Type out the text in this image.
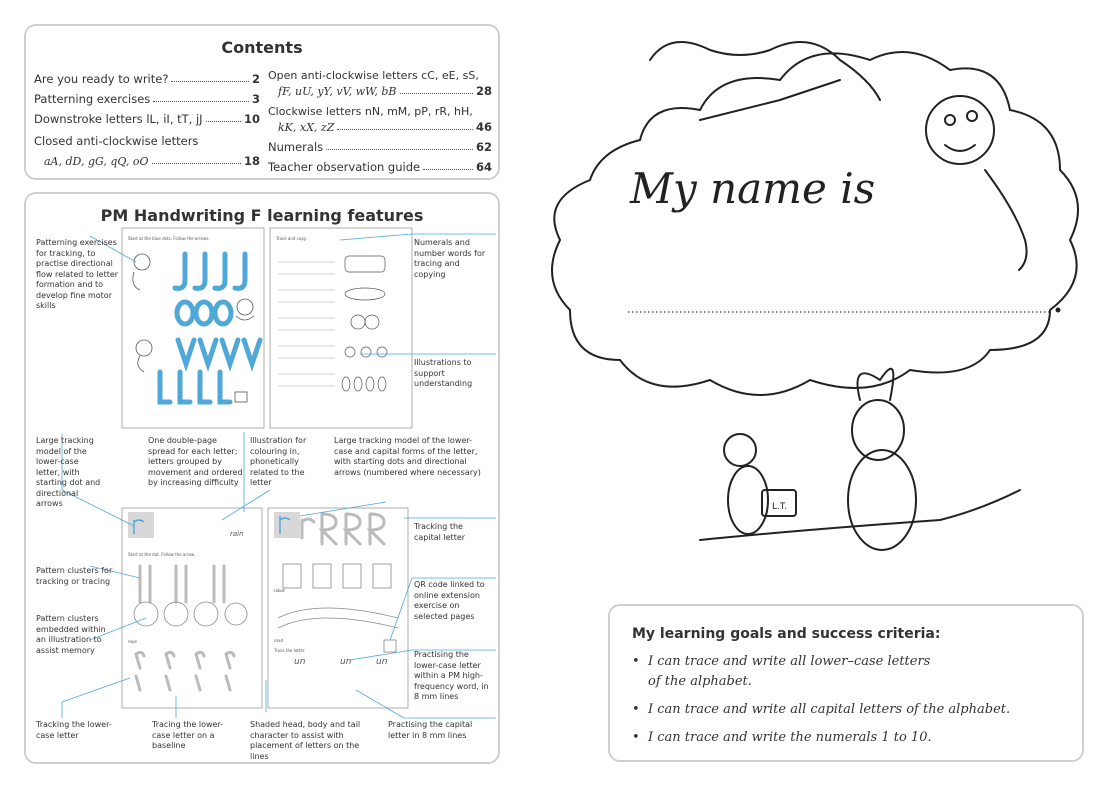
Contents
Are you ready to write?	2
Patterning exercises	3
Downstroke letters lL, iI, tT, jJ	10
Closed anti-clockwise letters
aA, dD, gG, qQ, oO	18
Open anti-clockwise letters cC, eE, sS,
fF, uU, yY, vV, wW, bB	28
Clockwise letters nN, mM, pP, rR, hH,
kK, xX, zZ	46
Numerals	62
Teacher observation guide	64
PM Handwriting F learning features
Start at the blue dots. Follow the arrows.	Trace and copy.
rain
Start at the dot. Follow the arrow.
rope
robot
road
Trace the letter.
un	un	un
Patterning exercises for tracking, to practise directional flow related to letter formation and to develop fine motor skills
Numerals and number words for tracing and copying
Illustrations to support understanding
Large tracking model of the lower-case letter, with starting dot and directional arrows
One double-page spread for each letter; letters grouped by movement and ordered by increasing difficulty
Illustration for colouring in, phonetically related to the letter
Large tracking model of the lower-case and capital forms of the letter, with starting dots and directional arrows (numbered where necessary)
Tracking the capital letter
Pattern clusters for tracking or tracing	QR code linked to online extension exercise on selected pages
Pattern clusters embedded within an illustration to assist memory	Practising the lower-case letter within a PM high-frequency word, in 8 mm lines
Tracking the lower-case letter
Tracing the lower-case letter on a baseline
Shaded head, body and tail character to assist with placement of letters on the lines
Practising the capital letter in 8 mm lines
L.T.
My name is
My learning goals and success criteria:
• I can trace and write all lower–case letters
of the alphabet.
• I can trace and write all capital letters of the alphabet.
• I can trace and write the numerals 1 to 10.
